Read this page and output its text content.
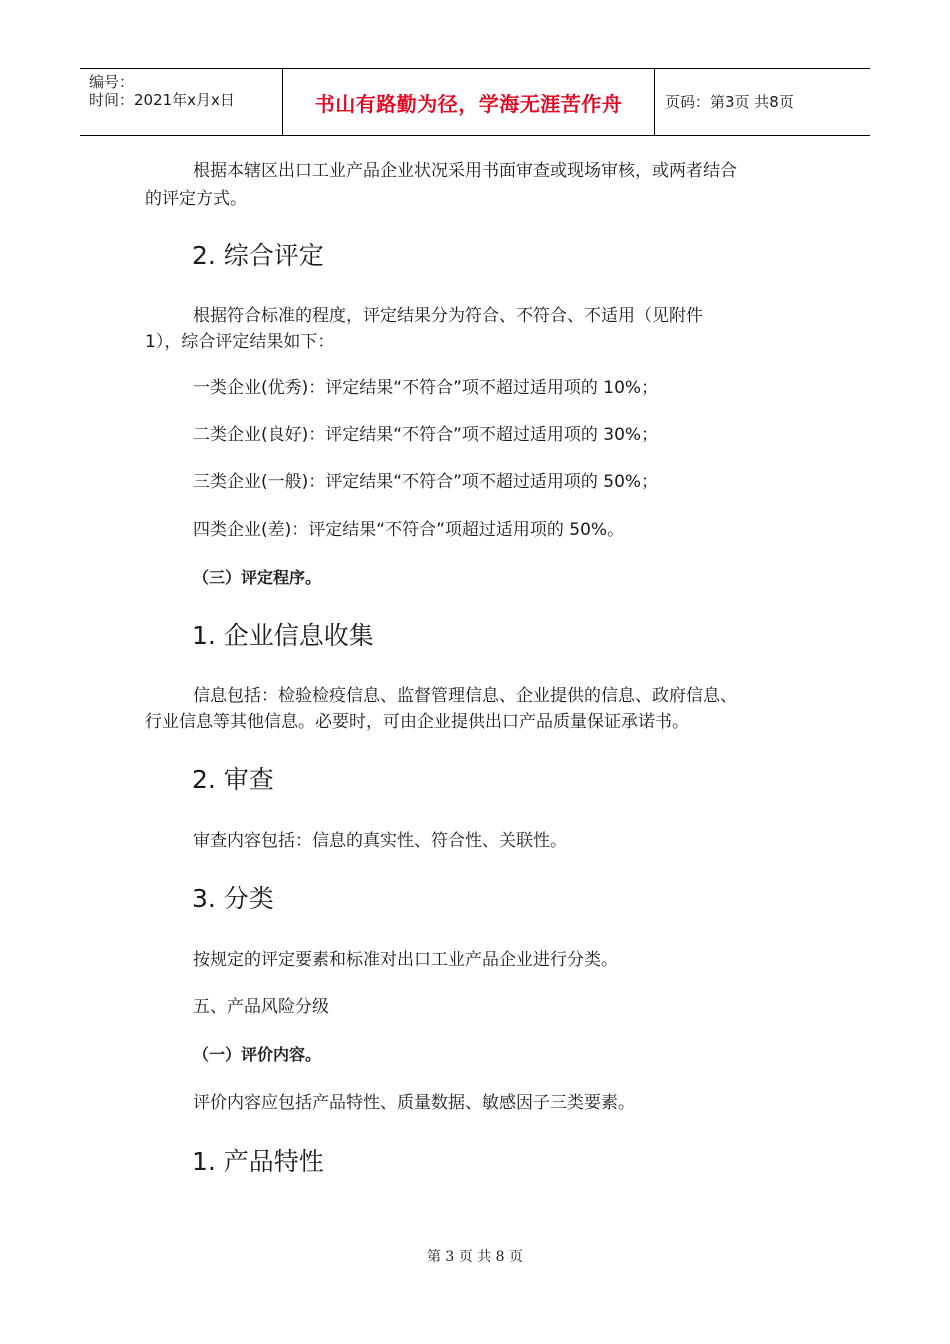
编号：
时间：2021年x月x日	书山有路勤为径，学海无涯苦作舟	页码：第3页 共8页
根据本辖区出口工业产品企业状况采用书面审查或现场审核，或两者结合
的评定方式。
2. 综合评定
根据符合标准的程度，评定结果分为符合、不符合、不适用（见附件
1），综合评定结果如下：
一类企业(优秀)：评定结果“不符合”项不超过适用项的 10%；
二类企业(良好)：评定结果“不符合”项不超过适用项的 30%；
三类企业(一般)：评定结果“不符合”项不超过适用项的 50%；
四类企业(差)：评定结果“不符合”项超过适用项的 50%。
（三）评定程序。
1. 企业信息收集
信息包括：检验检疫信息、监督管理信息、企业提供的信息、政府信息、
行业信息等其他信息。必要时，可由企业提供出口产品质量保证承诺书。
2. 审查
审查内容包括：信息的真实性、符合性、关联性。
3. 分类
按规定的评定要素和标准对出口工业产品企业进行分类。
五、产品风险分级
（一）评价内容。
评价内容应包括产品特性、质量数据、敏感因子三类要素。
1. 产品特性
第 3 页 共 8 页
